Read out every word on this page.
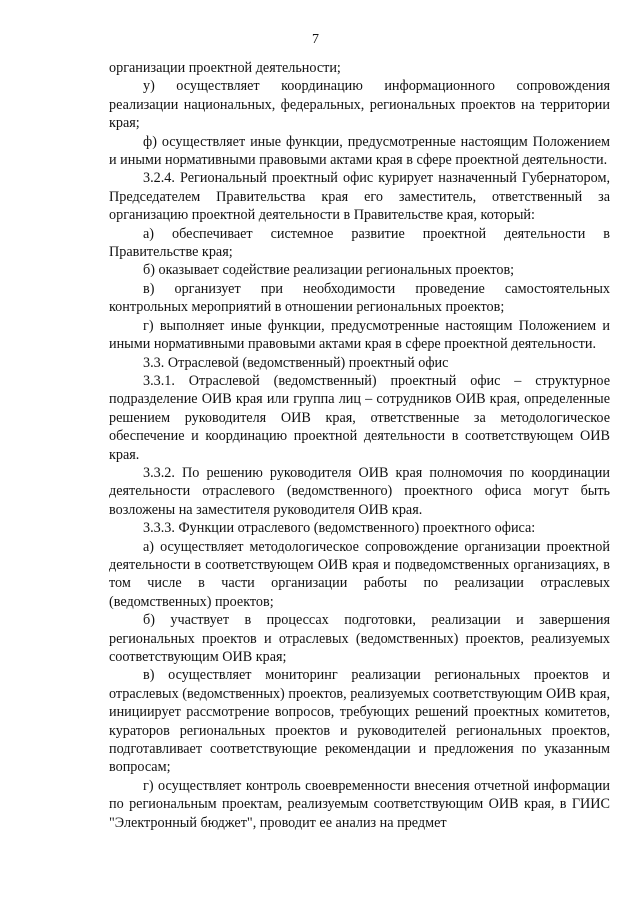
7

организации проектной деятельности;

у) осуществляет координацию информационного сопровождения реализации национальных, федеральных, региональных проектов на территории края;

ф) осуществляет иные функции, предусмотренные настоящим Положением и иными нормативными правовыми актами края в сфере проектной деятельности.

3.2.4. Региональный проектный офис курирует назначенный Губернатором, Председателем Правительства края его заместитель, ответственный за организацию проектной деятельности в Правительстве края, который:

а) обеспечивает системное развитие проектной деятельности в Правительстве края;

б) оказывает содействие реализации региональных проектов;

в) организует при необходимости проведение самостоятельных контрольных мероприятий в отношении региональных проектов;

г) выполняет иные функции, предусмотренные настоящим Положением и иными нормативными правовыми актами края в сфере проектной деятельности.

3.3. Отраслевой (ведомственный) проектный офис

3.3.1. Отраслевой (ведомственный) проектный офис – структурное подразделение ОИВ края или группа лиц – сотрудников ОИВ края, определенные решением руководителя ОИВ края, ответственные за методологическое обеспечение и координацию проектной деятельности в соответствующем ОИВ края.

3.3.2. По решению руководителя ОИВ края полномочия по координации деятельности отраслевого (ведомственного) проектного офиса могут быть возложены на заместителя руководителя ОИВ края.

3.3.3. Функции отраслевого (ведомственного) проектного офиса:

а) осуществляет методологическое сопровождение организации проектной деятельности в соответствующем ОИВ края и подведомственных организациях, в том числе в части организации работы по реализации отраслевых (ведомственных) проектов;

б) участвует в процессах подготовки, реализации и завершения региональных проектов и отраслевых (ведомственных) проектов, реализуемых соответствующим ОИВ края;

в) осуществляет мониторинг реализации региональных проектов и отраслевых (ведомственных) проектов, реализуемых соответствующим ОИВ края, инициирует рассмотрение вопросов, требующих решений проектных комитетов, кураторов региональных проектов и руководителей региональных проектов, подготавливает соответствующие рекомендации и предложения по указанным вопросам;

г) осуществляет контроль своевременности внесения отчетной информации по региональным проектам, реализуемым соответствующим ОИВ края, в ГИИС "Электронный бюджет", проводит ее анализ на предмет
